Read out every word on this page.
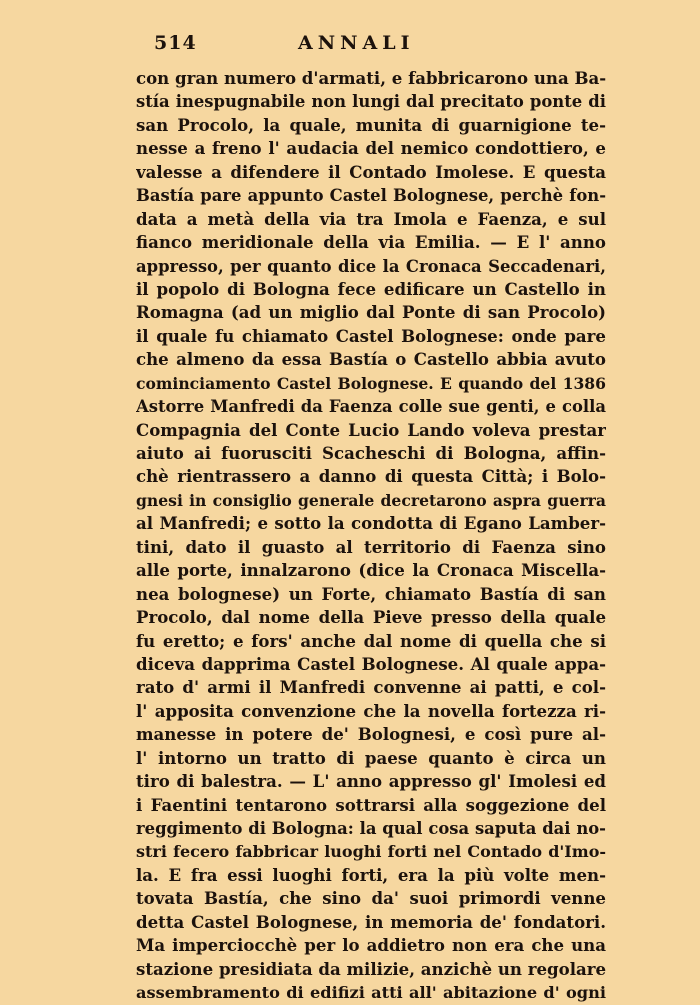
514	ANNALI
con gran numero d'armati, e fabbricarono una Ba-
stía inespugnabile non lungi dal precitato ponte di
san Procolo, la quale, munita di guarnigione te-
nesse a freno l' audacia del nemico condottiero, e
valesse a difendere il Contado Imolese. E questa
Bastía pare appunto Castel Bolognese, perchè fon-
data a metà della via tra Imola e Faenza, e sul
fianco meridionale della via Emilia. — E l' anno
appresso, per quanto dice la Cronaca Seccadenari,
il popolo di Bologna fece edificare un Castello in
Romagna (ad un miglio dal Ponte di san Procolo)
il quale fu chiamato Castel Bolognese: onde pare
che almeno da essa Bastía o Castello abbia avuto
cominciamento Castel Bolognese. E quando del 1386
Astorre Manfredi da Faenza colle sue genti, e colla
Compagnia del Conte Lucio Lando voleva prestar
aiuto ai fuorusciti Scacheschi di Bologna, affin-
chè rientrassero a danno di questa Città; i Bolo-
gnesi in consiglio generale decretarono aspra guerra
al Manfredi; e sotto la condotta di Egano Lamber-
tini, dato il guasto al territorio di Faenza sino
alle porte, innalzarono (dice la Cronaca Miscella-
nea bolognese) un Forte, chiamato Bastía di san
Procolo, dal nome della Pieve presso della quale
fu eretto; e fors' anche dal nome di quella che si
diceva dapprima Castel Bolognese. Al quale appa-
rato d' armi il Manfredi convenne ai patti, e col-
l' apposita convenzione che la novella fortezza ri-
manesse in potere de' Bolognesi, e così pure al-
l' intorno un tratto di paese quanto è circa un
tiro di balestra. — L' anno appresso gl' Imolesi ed
i Faentini tentarono sottrarsi alla soggezione del
reggimento di Bologna: la qual cosa saputa dai no-
stri fecero fabbricar luoghi forti nel Contado d'Imo-
la. E fra essi luoghi forti, era la più volte men-
tovata Bastía, che sino da' suoi primordi venne
detta Castel Bolognese, in memoria de' fondatori.
Ma imperciocchè per lo addietro non era che una
stazione presidiata da milizie, anzichè un regolare
assembramento di edifizi atti all' abitazione d' ogni
